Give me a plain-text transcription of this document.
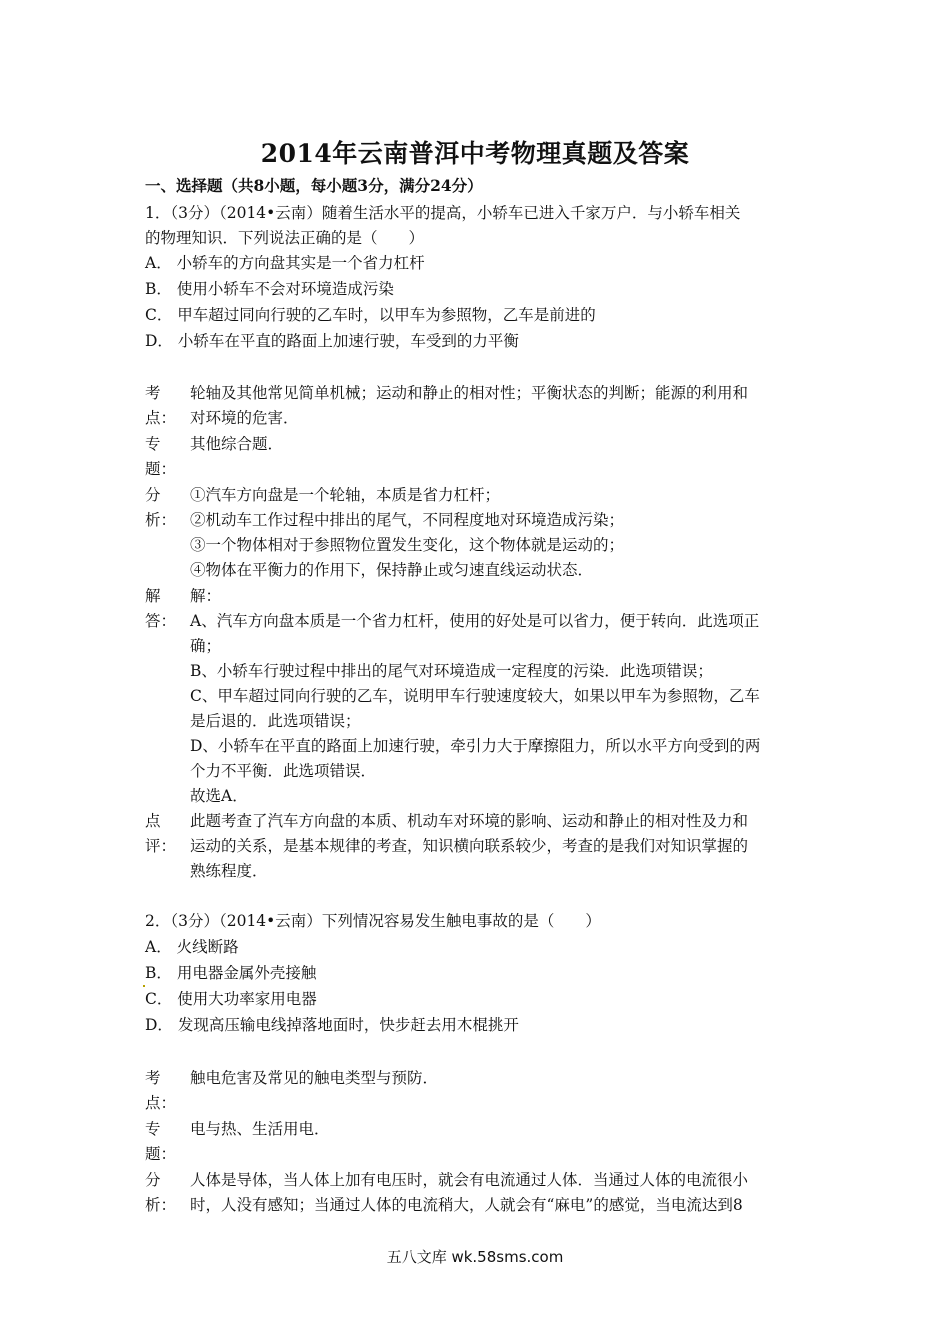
2014年云南普洱中考物理真题及答案
一、选择题（共8小题，每小题3分，满分24分）
1．（3分）（2014•云南）随着生活水平的提高，小轿车已进入千家万户．与小轿车相关
的物理知识．下列说法正确的是（　　）
A． 小轿车的方向盘其实是一个省力杠杆
B． 使用小轿车不会对环境造成污染
C． 甲车超过同向行驶的乙车时，以甲车为参照物，乙车是前进的
D． 小轿车在平直的路面上加速行驶，车受到的力平衡
考
点：
轮轴及其他常见简单机械；运动和静止的相对性；平衡状态的判断；能源的利用和
对环境的危害．
专
题：
其他综合题．
分
析：
①汽车方向盘是一个轮轴，本质是省力杠杆；
②机动车工作过程中排出的尾气，不同程度地对环境造成污染；
③一个物体相对于参照物位置发生变化，这个物体就是运动的；
④物体在平衡力的作用下，保持静止或匀速直线运动状态．
解
答：
解：
A、汽车方向盘本质是一个省力杠杆，使用的好处是可以省力，便于转向．此选项正
确；
B、小轿车行驶过程中排出的尾气对环境造成一定程度的污染．此选项错误；
C、甲车超过同向行驶的乙车，说明甲车行驶速度较大，如果以甲车为参照物，乙车
是后退的．此选项错误；
D、小轿车在平直的路面上加速行驶，牵引力大于摩擦阻力，所以水平方向受到的两
个力不平衡．此选项错误．
故选A．
点
评：
此题考查了汽车方向盘的本质、机动车对环境的影响、运动和静止的相对性及力和
运动的关系，是基本规律的考查，知识横向联系较少，考查的是我们对知识掌握的
熟练程度．
2．（3分）（2014•云南）下列情况容易发生触电事故的是（　　）
A． 火线断路
B． 用电器金属外壳接触
C． 使用大功率家用电器
D． 发现高压输电线掉落地面时，快步赶去用木棍挑开
考
点：
触电危害及常见的触电类型与预防．
专
题：
电与热、生活用电．
分
析：
人体是导体，当人体上加有电压时，就会有电流通过人体．当通过人体的电流很小
时，人没有感知；当通过人体的电流稍大，人就会有“麻电”的感觉，当电流达到8
五八文库 wk.58sms.com
